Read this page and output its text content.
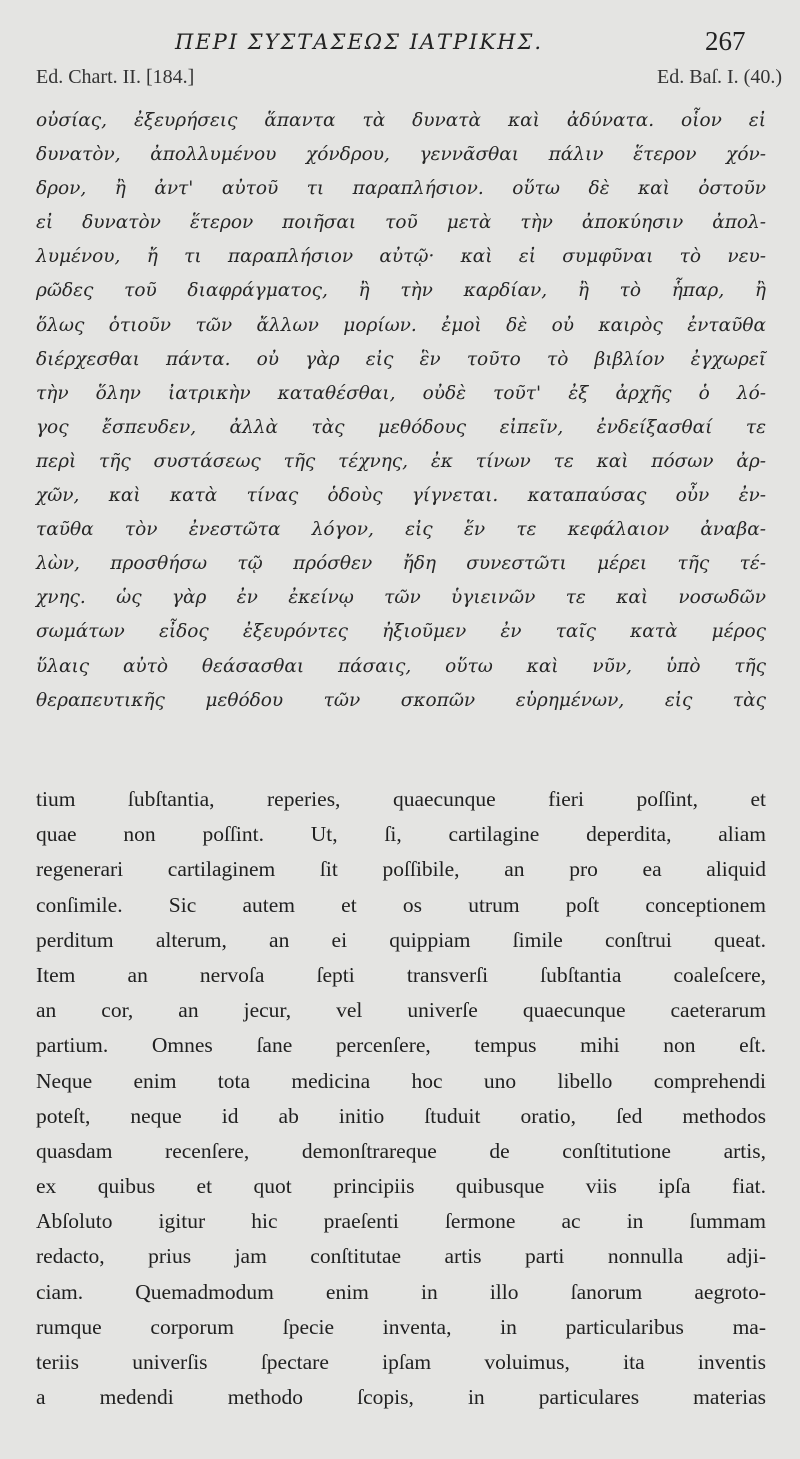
ΠΕΡΙ ΣΥΣΤΑΣΕΩΣ ΙΑΤΡΙΚΗΣ.	267
Ed. Chart. II. [184.]	Ed. Baſ. I. (40.)
οὐσίας, ἐξευρήσεις ἅπαντα τὰ δυνατὰ καὶ ἀδύνατα. οἷον εἰ
δυνατὸν, ἀπολλυμένου χόνδρου, γεννᾶσθαι πάλιν ἕτερον χόν-
δρον, ἢ ἀντ' αὐτοῦ τι παραπλήσιον. οὕτω δὲ καὶ ὀστοῦν
εἰ δυνατὸν ἕτερον ποιῆσαι τοῦ μετὰ τὴν ἀποκύησιν ἀπολ-
λυμένου, ἤ τι παραπλήσιον αὐτῷ· καὶ εἰ συμφῦναι τὸ νευ-
ρῶδες τοῦ διαφράγματος, ἢ τὴν καρδίαν, ἢ τὸ ἧπαρ, ἢ
ὅλως ὁτιοῦν τῶν ἄλλων μορίων. ἐμοὶ δὲ οὐ καιρὸς ἐνταῦθα
διέρχεσθαι πάντα. οὐ γὰρ εἰς ἓν τοῦτο τὸ βιβλίον ἐγχωρεῖ
τὴν ὅλην ἰατρικὴν καταθέσθαι, οὐδὲ τοῦτ' ἐξ ἀρχῆς ὁ λό-
γος ἔσπευδεν, ἀλλὰ τὰς μεθόδους εἰπεῖν, ἐνδείξασθαί τε
περὶ τῆς συστάσεως τῆς τέχνης, ἐκ τίνων τε καὶ πόσων ἀρ-
χῶν, καὶ κατὰ τίνας ὁδοὺς γίγνεται. καταπαύσας οὖν ἐν-
ταῦθα τὸν ἐνεστῶτα λόγον, εἰς ἕν τε κεφάλαιον ἀναβα-
λὼν, προσθήσω τῷ πρόσθεν ἤδη συνεστῶτι μέρει τῆς τέ-
χνης. ὡς γὰρ ἐν ἐκείνῳ τῶν ὑγιεινῶν τε καὶ νοσωδῶν
σωμάτων εἶδος ἐξευρόντες ἠξιοῦμεν ἐν ταῖς κατὰ μέρος
ὕλαις αὐτὸ θεάσασθαι πάσαις, οὕτω καὶ νῦν, ὑπὸ τῆς
θεραπευτικῆς μεθόδου τῶν σκοπῶν εὑρημένων, εἰς τὰς
tium ſubſtantia, reperies, quaecunque fieri poſſint, et
quae non poſſint. Ut, ſi, cartilagine deperdita, aliam
regenerari cartilaginem ſit poſſibile, an pro ea aliquid
conſimile. Sic autem et os utrum poſt conceptionem
perditum alterum, an ei quippiam ſimile conſtrui queat.
Item an nervoſa ſepti transverſi ſubſtantia coaleſcere,
an cor, an jecur, vel univerſe quaecunque caeterarum
partium. Omnes ſane percenſere, tempus mihi non eſt.
Neque enim tota medicina hoc uno libello comprehendi
poteſt, neque id ab initio ſtuduit oratio, ſed methodos
quasdam recenſere, demonſtrareque de conſtitutione artis,
ex quibus et quot principiis quibusque viis ipſa fiat.
Abſoluto igitur hic praeſenti ſermone ac in ſummam
redacto, prius jam conſtitutae artis parti nonnulla adji-
ciam. Quemadmodum enim in illo ſanorum aegroto-
rumque corporum ſpecie inventa, in particularibus ma-
teriis univerſis ſpectare ipſam voluimus, ita inventis
a medendi methodo ſcopis, in particulares materias
